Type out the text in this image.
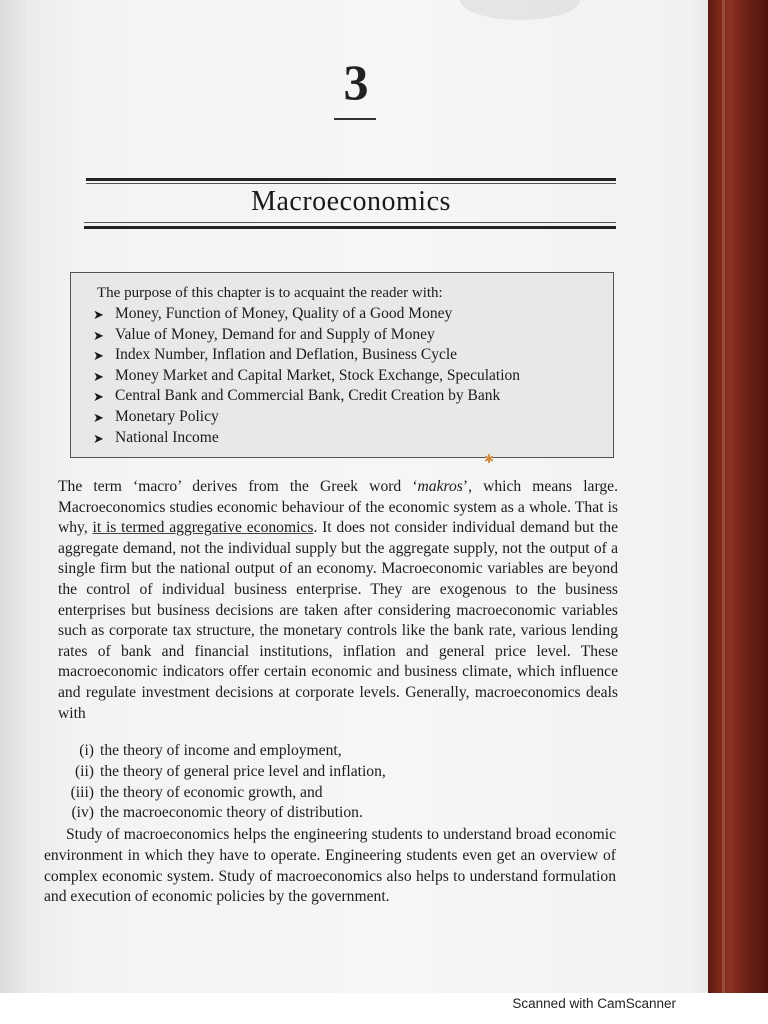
3
Macroeconomics
The purpose of this chapter is to acquaint the reader with:
➤ Money, Function of Money, Quality of a Good Money
➤ Value of Money, Demand for and Supply of Money
➤ Index Number, Inflation and Deflation, Business Cycle
➤ Money Market and Capital Market, Stock Exchange, Speculation
➤ Central Bank and Commercial Bank, Credit Creation by Bank
➤ Monetary Policy
➤ National Income
✱

The term ‘macro’ derives from the Greek word ‘makros’, which means large. Macroeconomics studies economic behaviour of the economic system as a whole. That is why, it is termed aggregative economics. It does not consider individual demand but the aggregate demand, not the individual supply but the aggregate supply, not the output of a single firm but the national output of an economy. Macroeconomic variables are beyond the control of individual business enterprise. They are exogenous to the business enterprises but business decisions are taken after considering macroeconomic variables such as corporate tax structure, the monetary controls like the bank rate, various lending rates of bank and financial institutions, inflation and general price level. These macroeconomic indicators offer certain economic and business climate, which influence and regulate investment decisions at corporate levels. Generally, macroeconomics deals with

(i) the theory of income and employment,
(ii) the theory of general price level and inflation,
(iii) the theory of economic growth, and
(iv) the macroeconomic theory of distribution.

Study of macroeconomics helps the engineering students to understand broad economic environment in which they have to operate. Engineering students even get an overview of complex economic system. Study of macroeconomics also helps to understand formulation and execution of economic policies by the government.

Scanned with CamScanner
